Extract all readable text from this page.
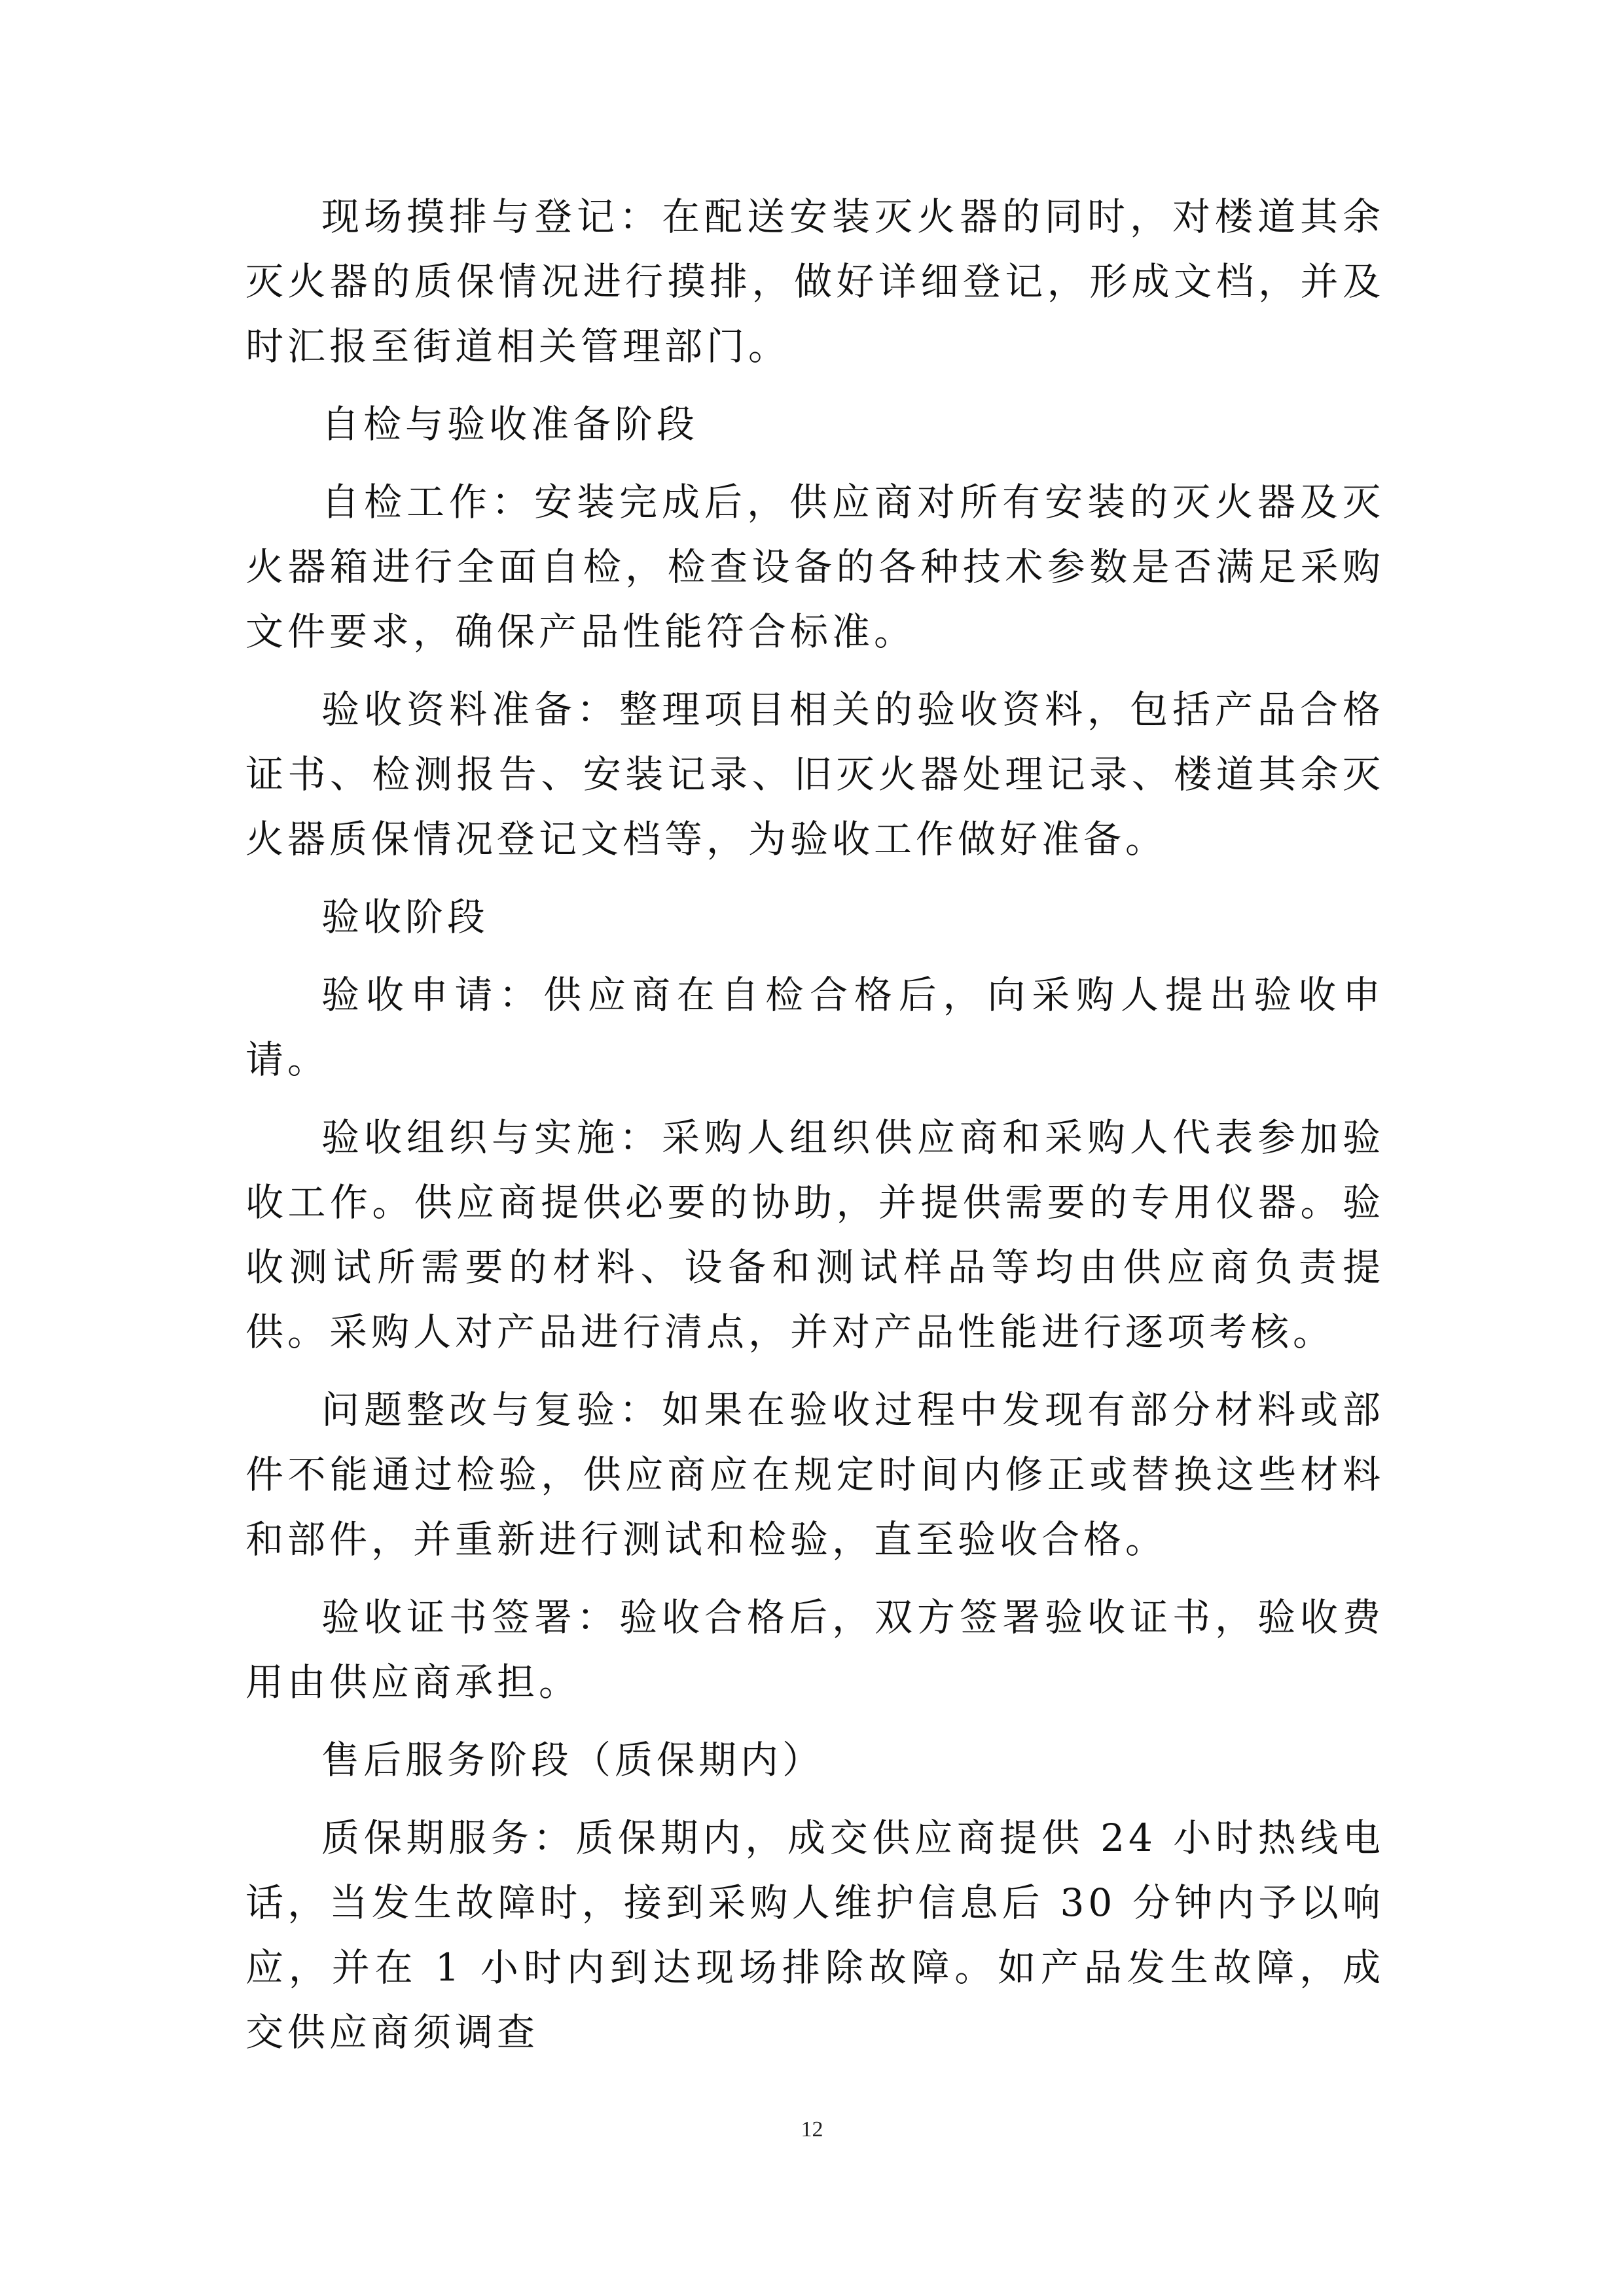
现场摸排与登记：在配送安装灭火器的同时，对楼道其余灭火器的质保情况进行摸排，做好详细登记，形成文档，并及时汇报至街道相关管理部门。

自检与验收准备阶段

自检工作：安装完成后，供应商对所有安装的灭火器及灭火器箱进行全面自检，检查设备的各种技术参数是否满足采购文件要求，确保产品性能符合标准。

验收资料准备：整理项目相关的验收资料，包括产品合格证书、检测报告、安装记录、旧灭火器处理记录、楼道其余灭火器质保情况登记文档等，为验收工作做好准备。

验收阶段

验收申请：供应商在自检合格后，向采购人提出验收申请。

验收组织与实施：采购人组织供应商和采购人代表参加验收工作。供应商提供必要的协助，并提供需要的专用仪器。验收测试所需要的材料、设备和测试样品等均由供应商负责提供。采购人对产品进行清点，并对产品性能进行逐项考核。

问题整改与复验：如果在验收过程中发现有部分材料或部件不能通过检验，供应商应在规定时间内修正或替换这些材料和部件，并重新进行测试和检验，直至验收合格。

验收证书签署：验收合格后，双方签署验收证书，验收费用由供应商承担。

售后服务阶段（质保期内）

质保期服务：质保期内，成交供应商提供 24 小时热线电话，当发生故障时，接到采购人维护信息后 30 分钟内予以响应，并在 1 小时内到达现场排除故障。如产品发生故障，成交供应商须调查

12
